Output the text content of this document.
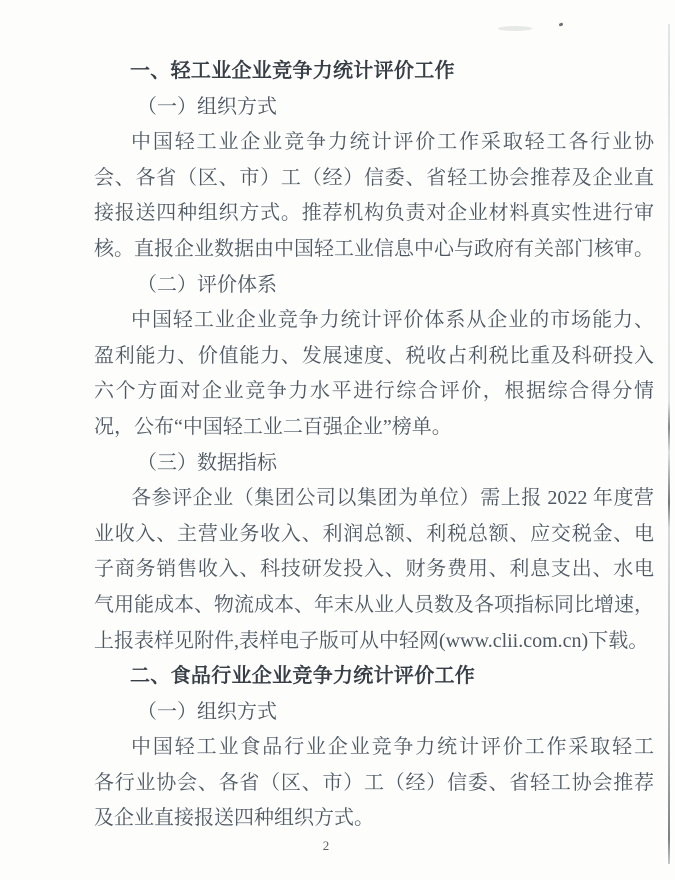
一、轻工业企业竞争力统计评价工作
（一）组织方式
中国轻工业企业竞争力统计评价工作采取轻工各行业协
会、各省（区、市）工（经）信委、省轻工协会推荐及企业直
接报送四种组织方式。推荐机构负责对企业材料真实性进行审
核。直报企业数据由中国轻工业信息中心与政府有关部门核审。
（二）评价体系
中国轻工业企业竞争力统计评价体系从企业的市场能力、
盈利能力、价值能力、发展速度、税收占利税比重及科研投入
六个方面对企业竞争力水平进行综合评价，根据综合得分情
况，公布“中国轻工业二百强企业”榜单。
（三）数据指标
各参评企业（集团公司以集团为单位）需上报 2022 年度营
业收入、主营业务收入、利润总额、利税总额、应交税金、电
子商务销售收入、科技研发投入、财务费用、利息支出、水电
气用能成本、物流成本、年末从业人员数及各项指标同比增速，
上报表样见附件,表样电子版可从中轻网(www.clii.com.cn)下载。
二、食品行业企业竞争力统计评价工作
（一）组织方式
中国轻工业食品行业企业竞争力统计评价工作采取轻工
各行业协会、各省（区、市）工（经）信委、省轻工协会推荐
及企业直接报送四种组织方式。
2
